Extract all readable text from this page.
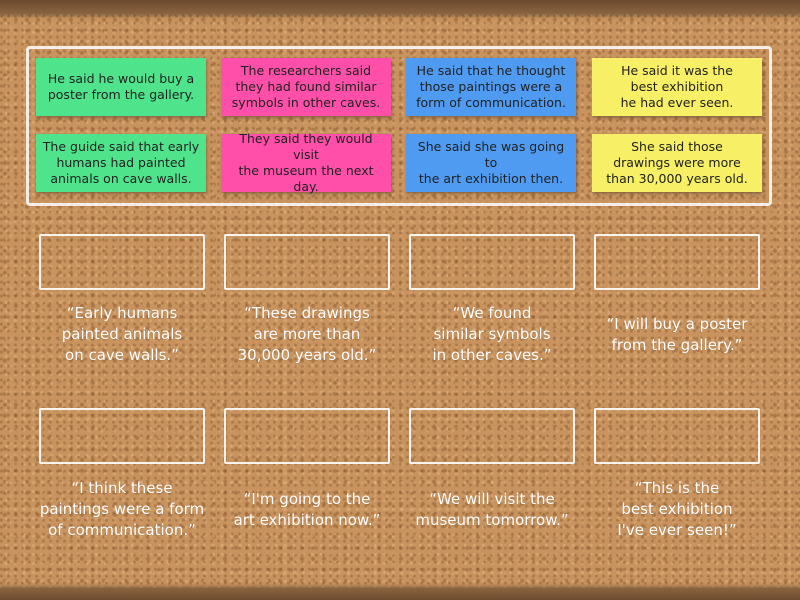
He said he would buy a
poster from the gallery.
The researchers said
they had found similar
symbols in other caves.
He said that he thought
those paintings were a
form of communication.
He said it was the
best exhibition
he had ever seen.
The guide said that early
humans had painted
animals on cave walls.
They said they would visit
the museum the next day.
She said she was going to
the art exhibition then.
She said those
drawings were more
than 30,000 years old.
“Early humans
painted animals
on cave walls.”
“These drawings
are more than
30,000 years old.”
“We found
similar symbols
in other caves.”
“I will buy a poster
from the gallery.”
“I think these
paintings were a form
of communication.”
“I'm going to the
art exhibition now.”
“We will visit the
museum tomorrow.”
“This is the
best exhibition
I've ever seen!”
